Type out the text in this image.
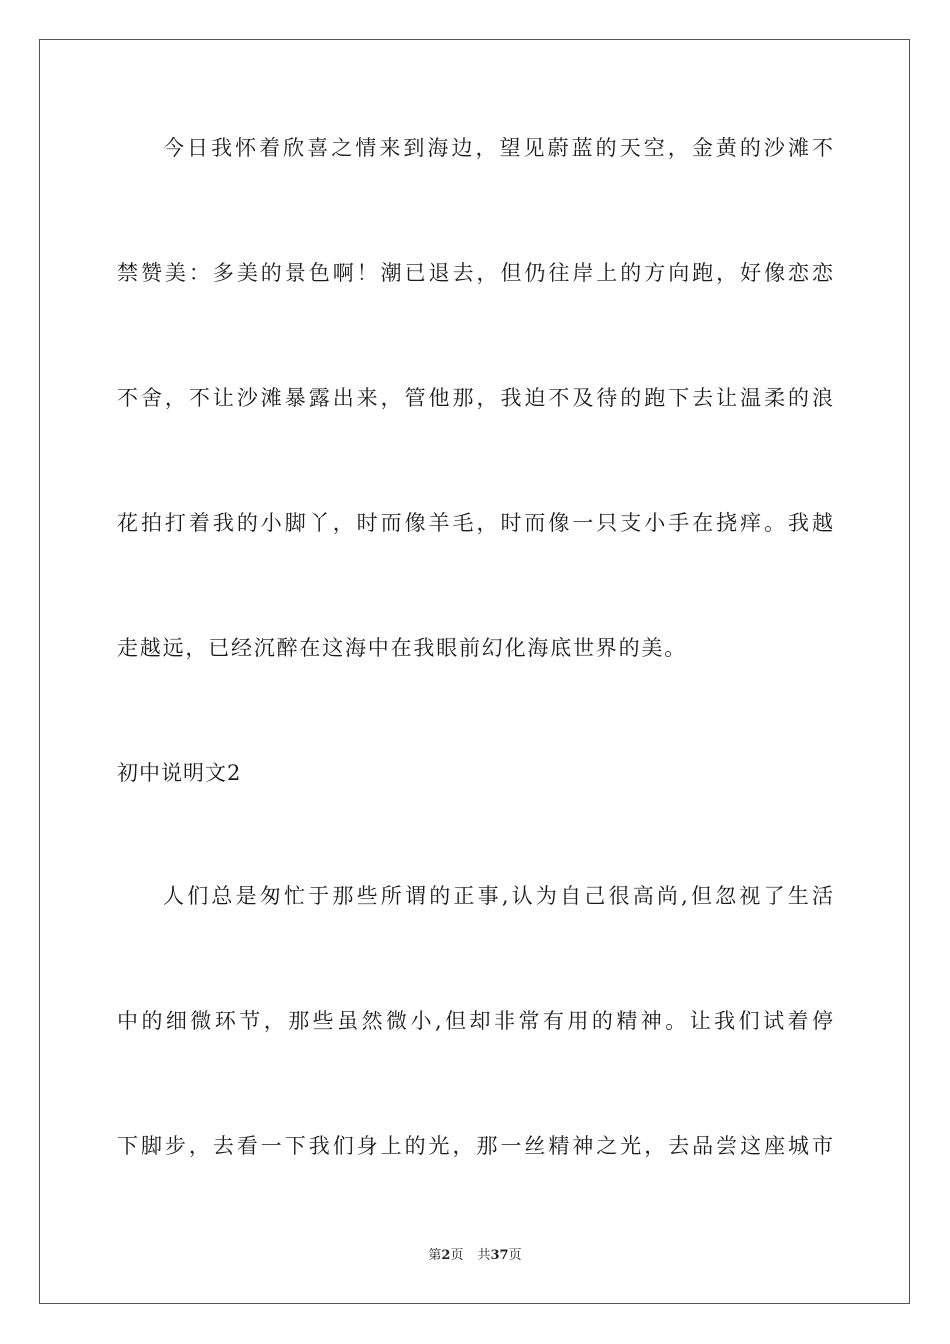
今日我怀着欣喜之情来到海边，望见蔚蓝的天空，金黄的沙滩不
禁赞美：多美的景色啊！潮已退去，但仍往岸上的方向跑，好像恋恋
不舍，不让沙滩暴露出来，管他那，我迫不及待的跑下去让温柔的浪
花拍打着我的小脚丫，时而像羊毛，时而像一只支小手在挠痒。我越
走越远，已经沉醉在这海中在我眼前幻化海底世界的美。
初中说明文2
人们总是匆忙于那些所谓的正事,认为自己很高尚,但忽视了生活
中的细微环节，那些虽然微小,但却非常有用的精神。让我们试着停
下脚步，去看一下我们身上的光，那一丝精神之光，去品尝这座城市
第2页 共37页
